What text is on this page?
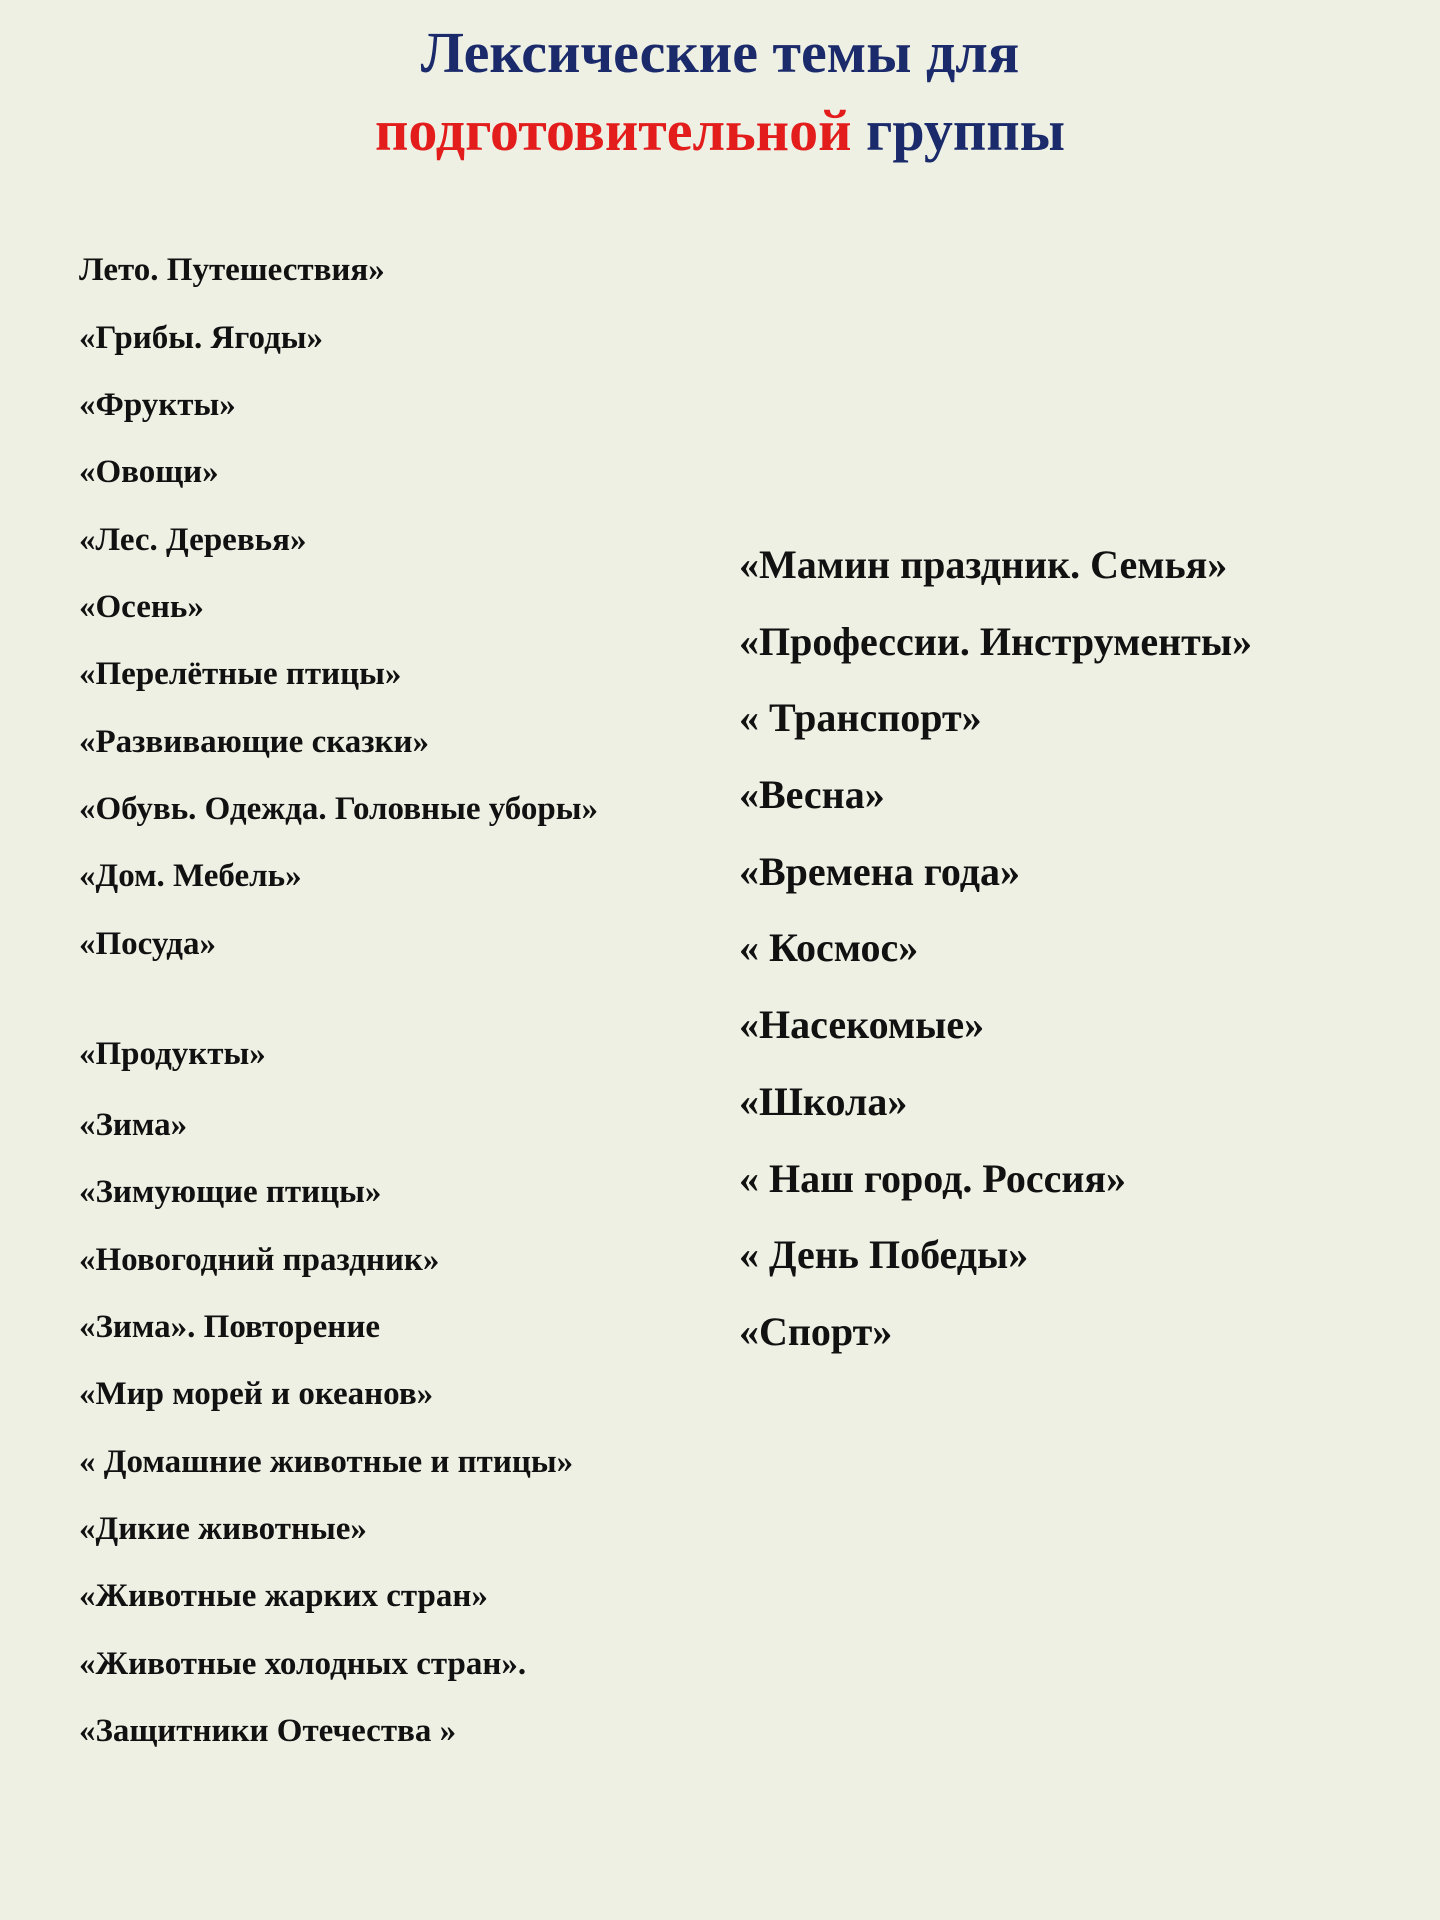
Лексические темы для
подготовительной группы
Лето. Путешествия»
«Грибы. Ягоды»
«Фрукты»
«Овощи»
«Лес. Деревья»
«Осень»
«Перелётные птицы»
«Развивающие сказки»
«Обувь. Одежда. Головные уборы»
«Дом. Мебель»
«Посуда»
«Продукты»
«Зима»
«Зимующие птицы»
«Новогодний праздник»
«Зима». Повторение
«Мир морей и океанов»
« Домашние животные и птицы»
«Дикие животные»
«Животные жарких стран»
«Животные холодных стран».
«Защитники Отечества »
«Мамин праздник. Семья»
«Профессии. Инструменты»
« Транспорт»
«Весна»
«Времена года»
« Космос»
«Насекомые»
«Школа»
« Наш город. Россия»
« День Победы»
«Спорт»
